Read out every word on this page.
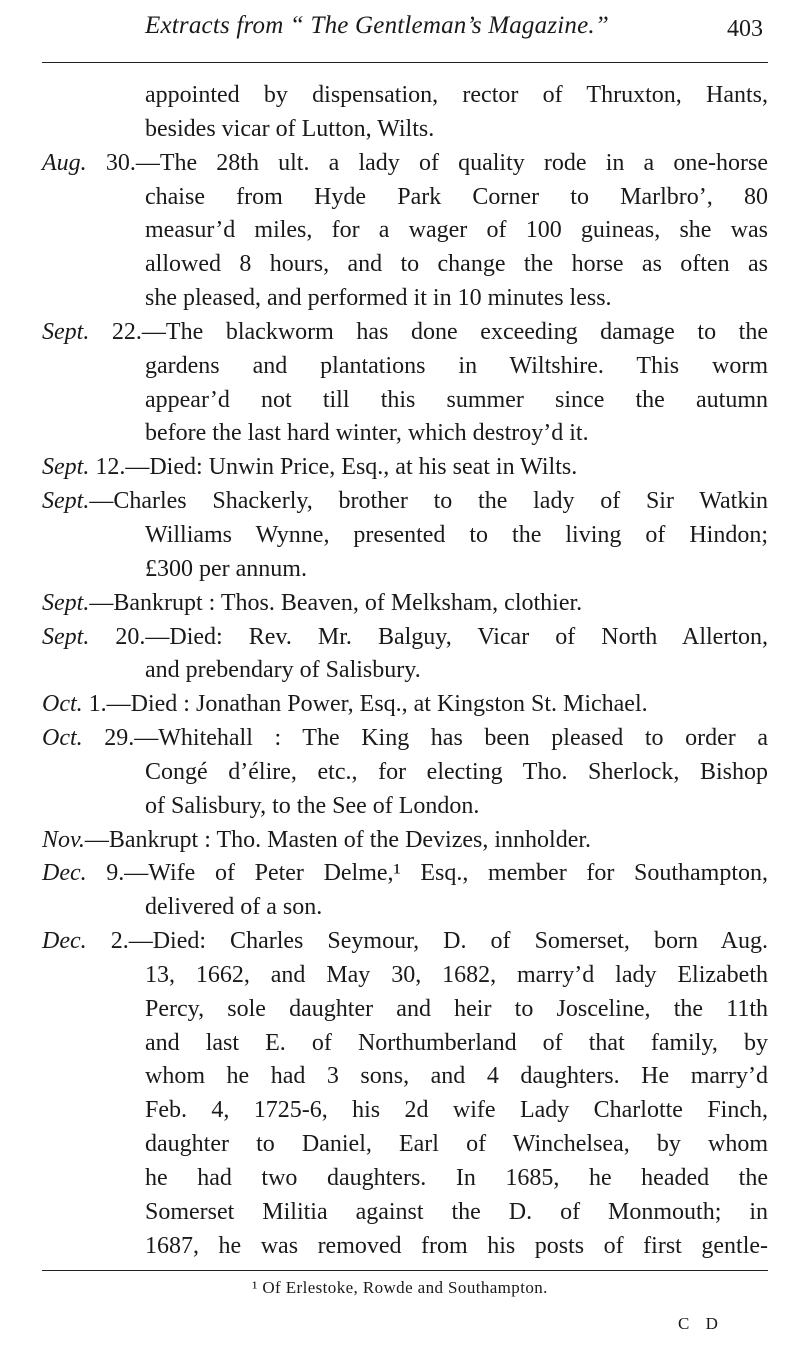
Extracts from “ The Gentleman’s Magazine.”	403
appointed by dispensation, rector of Thruxton, Hants,
besides vicar of Lutton, Wilts.
Aug. 30.—The 28th ult. a lady of quality rode in a one-horse
chaise from Hyde Park Corner to Marlbro’, 80
measur’d miles, for a wager of 100 guineas, she was
allowed 8 hours, and to change the horse as often as
she pleased, and performed it in 10 minutes less.
Sept. 22.—The blackworm has done exceeding damage to the
gardens and plantations in Wiltshire. This worm
appear’d not till this summer since the autumn
before the last hard winter, which destroy’d it.
Sept. 12.—Died: Unwin Price, Esq., at his seat in Wilts.
Sept.—Charles Shackerly, brother to the lady of Sir Watkin
Williams Wynne, presented to the living of Hindon;
£300 per annum.
Sept.—Bankrupt : Thos. Beaven, of Melksham, clothier.
Sept. 20.—Died: Rev. Mr. Balguy, Vicar of North Allerton,
and prebendary of Salisbury.
Oct. 1.—Died : Jonathan Power, Esq., at Kingston St. Michael.
Oct. 29.—Whitehall : The King has been pleased to order a
Congé d’élire, etc., for electing Tho. Sherlock, Bishop
of Salisbury, to the See of London.
Nov.—Bankrupt : Tho. Masten of the Devizes, innholder.
Dec. 9.—Wife of Peter Delme,¹ Esq., member for Southampton,
delivered of a son.
Dec. 2.—Died: Charles Seymour, D. of Somerset, born Aug.
13, 1662, and May 30, 1682, marry’d lady Elizabeth
Percy, sole daughter and heir to Josceline, the 11th
and last E. of Northumberland of that family, by
whom he had 3 sons, and 4 daughters. He marry’d
Feb. 4, 1725-6, his 2d wife Lady Charlotte Finch,
daughter to Daniel, Earl of Winchelsea, by whom
he had two daughters. In 1685, he headed the
Somerset Militia against the D. of Monmouth; in
1687, he was removed from his posts of first gentle-
¹ Of Erlestoke, Rowde and Southampton.
C D
